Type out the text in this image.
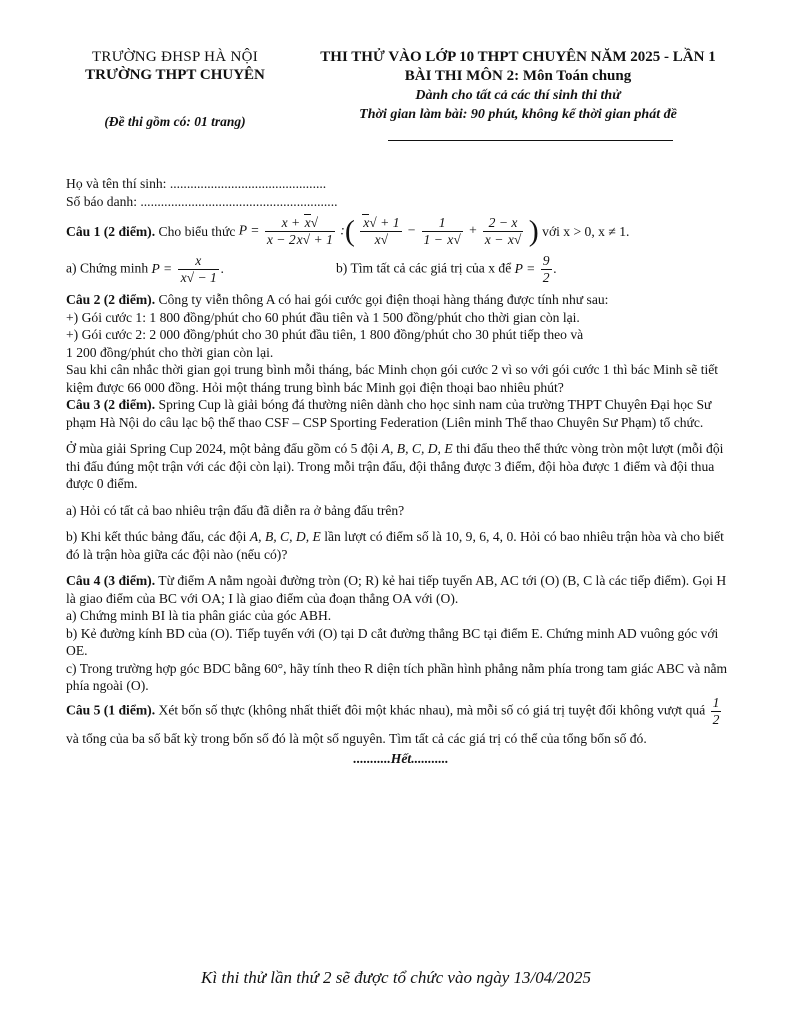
TRƯỜNG ĐHSP HÀ NỘI
TRƯỜNG THPT CHUYÊN
(Đề thi gồm có: 01 trang)
THI THỬ VÀO LỚP 10 THPT CHUYÊN NĂM 2025 - LẦN 1
BÀI THI MÔN 2: Môn Toán chung
Dành cho tất cả các thí sinh thi thử
Thời gian làm bài: 90 phút, không kể thời gian phát đề

Họ và tên thí sinh: ..............................................

Số báo danh: ..........................................................

Câu 1 (2 điểm).
Cho biểu thức
$P = \frac{x + x√}{x - 2x√ + 1}$ :( $\frac{x√ + 1}{x√} - \frac{1}{1 - x√} + \frac{2 - x}{x - x√}$ )
với x > 0, x ≠ 1.
a) Chứng minh $P = \frac{x}{x√ - 1}$ .	b) Tìm tất cả các giá trị của x để $P = \frac{9}{2}$ .

Câu 2 (2 điểm). Công ty viễn thông A có hai gói cước gọi điện thoại hàng tháng được tính như sau:

+) Gói cước 1: 1 800 đồng/phút cho 60 phút đầu tiên và 1 500 đồng/phút cho thời gian còn lại.

+) Gói cước 2: 2 000 đồng/phút cho 30 phút đầu tiên, 1 800 đồng/phút cho 30 phút tiếp theo và

1 200 đồng/phút cho thời gian còn lại.

Sau khi cân nhắc thời gian gọi trung bình mỗi tháng, bác Minh chọn gói cước 2 vì so với gói cước 1 thì bác Minh sẽ tiết kiệm được 66 000 đồng. Hỏi một tháng trung bình bác Minh gọi điện thoại bao nhiêu phút?

Câu 3 (2 điểm). Spring Cup là giải bóng đá thường niên dành cho học sinh nam của trường THPT Chuyên Đại học Sư phạm Hà Nội do câu lạc bộ thể thao CSF – CSP Sporting Federation (Liên minh Thể thao Chuyên Sư Phạm) tổ chức.

Ở mùa giải Spring Cup 2024, một bảng đấu gồm có 5 đội A, B, C, D, E thi đấu theo thể thức vòng tròn một lượt (mỗi đội thi đấu đúng một trận với các đội còn lại). Trong mỗi trận đấu, đội thắng được 3 điểm, đội hòa được 1 điểm và đội thua được 0 điểm.

a) Hỏi có tất cả bao nhiêu trận đấu đã diễn ra ở bảng đấu trên?

b) Khi kết thúc bảng đấu, các đội A, B, C, D, E lần lượt có điểm số là 10, 9, 6, 4, 0. Hỏi có bao nhiêu trận hòa và cho biết đó là trận hòa giữa các đội nào (nếu có)?

Câu 4 (3 điểm). Từ điểm A nằm ngoài đường tròn (O; R) kẻ hai tiếp tuyến AB, AC tới (O) (B, C là các tiếp điểm). Gọi H là giao điểm của BC với OA; I là giao điểm của đoạn thẳng OA với (O).

a) Chứng minh BI là tia phân giác của góc ABH.

b) Kẻ đường kính BD của (O). Tiếp tuyến với (O) tại D cắt đường thẳng BC tại điểm E. Chứng minh AD vuông góc với OE.

c) Trong trường hợp góc BDC bằng 60°, hãy tính theo R diện tích phần hình phẳng nằm phía trong tam giác ABC và nằm phía ngoài (O).

Câu 5 (1 điểm). Xét bốn số thực (không nhất thiết đôi một khác nhau), mà mỗi số có giá trị tuyệt đối không vượt quá $\frac{1}{2}$
và tổng của ba số bất kỳ trong bốn số đó là một số nguyên. Tìm tất cả các giá trị có thể của tổng bốn số đó.

...........Hết...........

Kì thi thử lần thứ 2 sẽ được tổ chức vào ngày 13/04/2025
